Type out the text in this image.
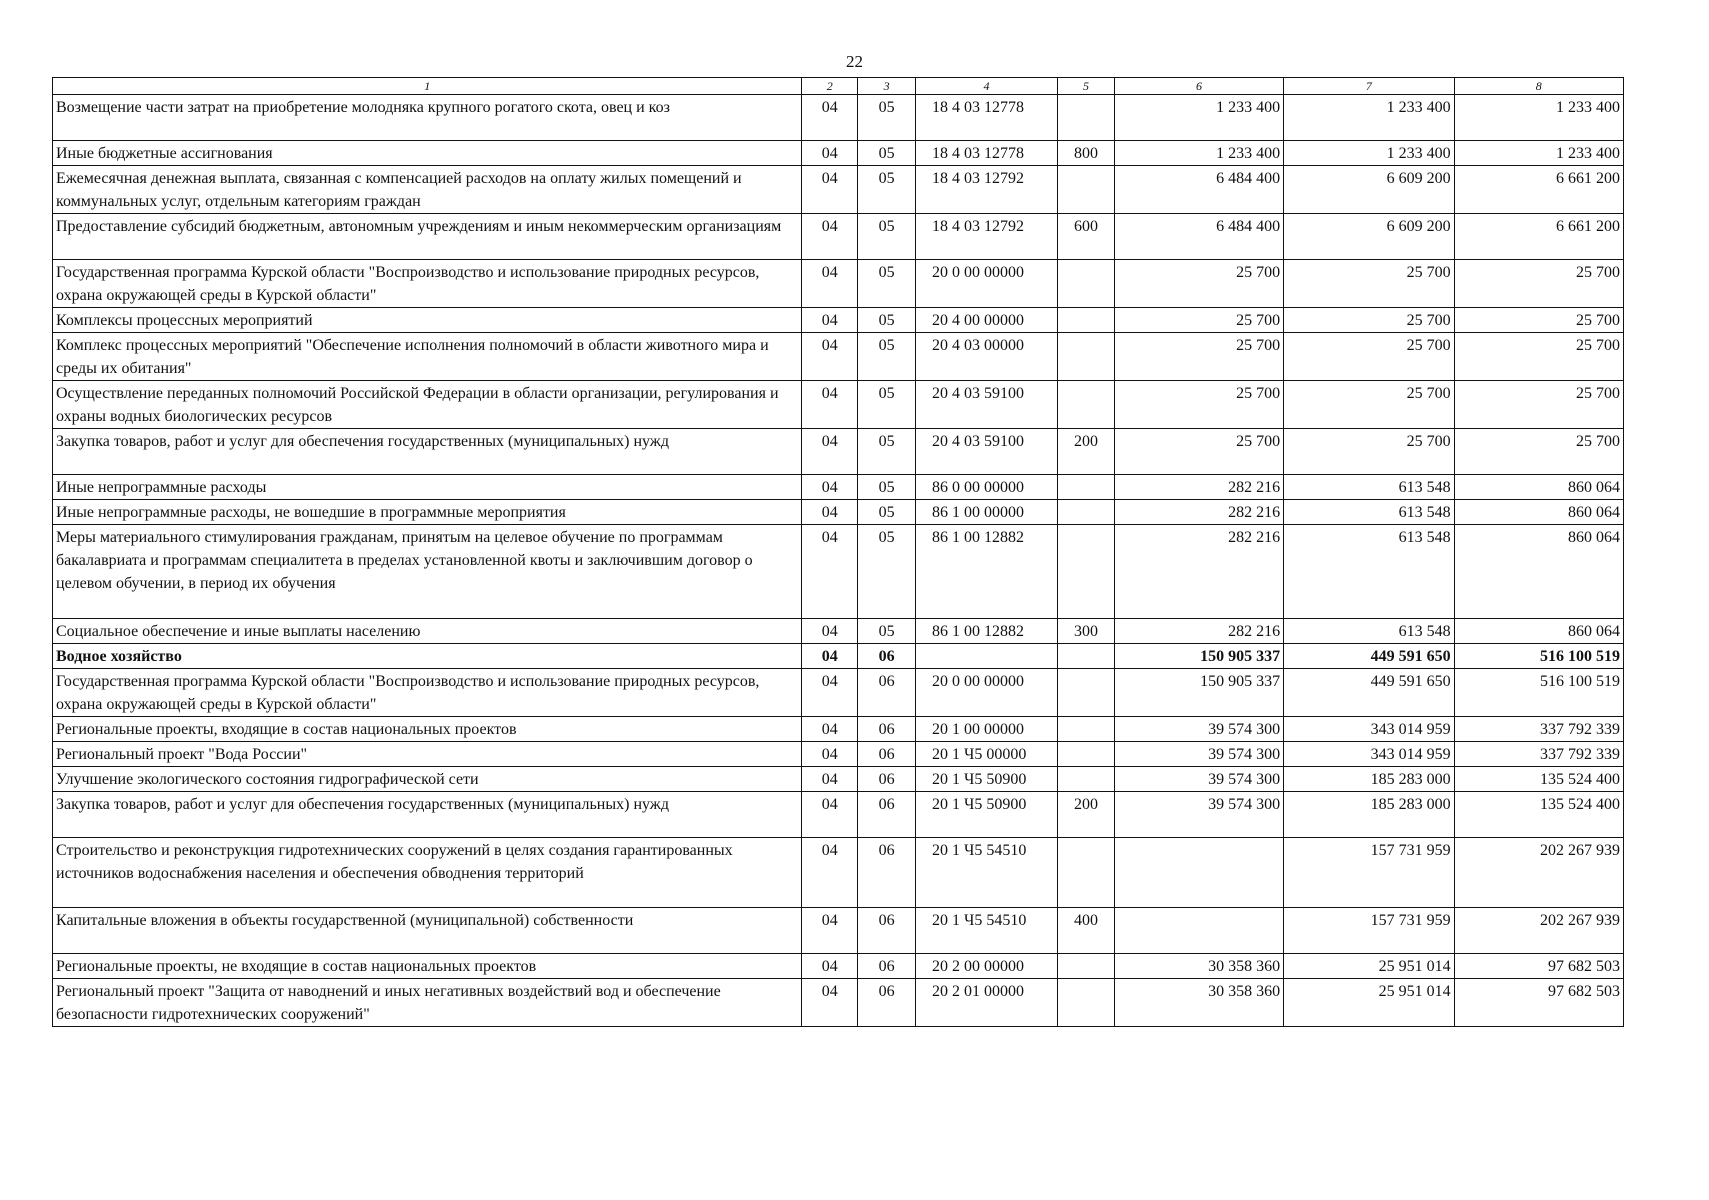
22
1	2	3	4	5	6	7	8
Возмещение части затрат на приобретение молодняка крупного рогатого скота, овец и коз	04	05	18 4 03 12778		1 233 400	1 233 400	1 233 400
Иные бюджетные ассигнования	04	05	18 4 03 12778	800	1 233 400	1 233 400	1 233 400
Ежемесячная денежная выплата, связанная с компенсацией расходов на оплату жилых помещений и коммунальных услуг, отдельным категориям граждан	04	05	18 4 03 12792		6 484 400	6 609 200	6 661 200
Предоставление субсидий бюджетным, автономным учреждениям и иным некоммерческим организациям	04	05	18 4 03 12792	600	6 484 400	6 609 200	6 661 200
Государственная программа Курской области "Воспроизводство и использование природных ресурсов, охрана окружающей среды в Курской области"	04	05	20 0 00 00000		25 700	25 700	25 700
Комплексы процессных мероприятий	04	05	20 4 00 00000		25 700	25 700	25 700
Комплекс процессных мероприятий "Обеспечение исполнения полномочий в области животного мира и среды их обитания"	04	05	20 4 03 00000		25 700	25 700	25 700
Осуществление переданных полномочий Российской Федерации в области организации, регулирования и охраны водных биологических ресурсов	04	05	20 4 03 59100		25 700	25 700	25 700
Закупка товаров, работ и услуг для обеспечения государственных (муниципальных) нужд	04	05	20 4 03 59100	200	25 700	25 700	25 700
Иные непрограммные расходы	04	05	86 0 00 00000		282 216	613 548	860 064
Иные непрограммные расходы, не вошедшие в программные мероприятия	04	05	86 1 00 00000		282 216	613 548	860 064
Меры материального стимулирования гражданам, принятым на целевое обучение по программам бакалавриата и программам специалитета в пределах установленной квоты и заключившим договор о целевом обучении, в период их обучения	04	05	86 1 00 12882		282 216	613 548	860 064
Социальное обеспечение и иные выплаты населению	04	05	86 1 00 12882	300	282 216	613 548	860 064
Водное хозяйство	04	06			150 905 337	449 591 650	516 100 519
Государственная программа Курской области "Воспроизводство и использование природных ресурсов, охрана окружающей среды в Курской области"	04	06	20 0 00 00000		150 905 337	449 591 650	516 100 519
Региональные проекты, входящие в состав национальных проектов	04	06	20 1 00 00000		39 574 300	343 014 959	337 792 339
Региональный проект "Вода России"	04	06	20 1 Ч5 00000		39 574 300	343 014 959	337 792 339
Улучшение экологического состояния гидрографической сети	04	06	20 1 Ч5 50900		39 574 300	185 283 000	135 524 400
Закупка товаров, работ и услуг для обеспечения государственных (муниципальных) нужд	04	06	20 1 Ч5 50900	200	39 574 300	185 283 000	135 524 400
Строительство и реконструкция гидротехнических сооружений в целях создания гарантированных источников водоснабжения населения и обеспечения обводнения территорий	04	06	20 1 Ч5 54510			157 731 959	202 267 939
Капитальные вложения в объекты государственной (муниципальной) собственности	04	06	20 1 Ч5 54510	400		157 731 959	202 267 939
Региональные проекты, не входящие в состав национальных проектов	04	06	20 2 00 00000		30 358 360	25 951 014	97 682 503
Региональный проект "Защита от наводнений и иных негативных воздействий вод и обеспечение безопасности гидротехнических сооружений"	04	06	20 2 01 00000		30 358 360	25 951 014	97 682 503
